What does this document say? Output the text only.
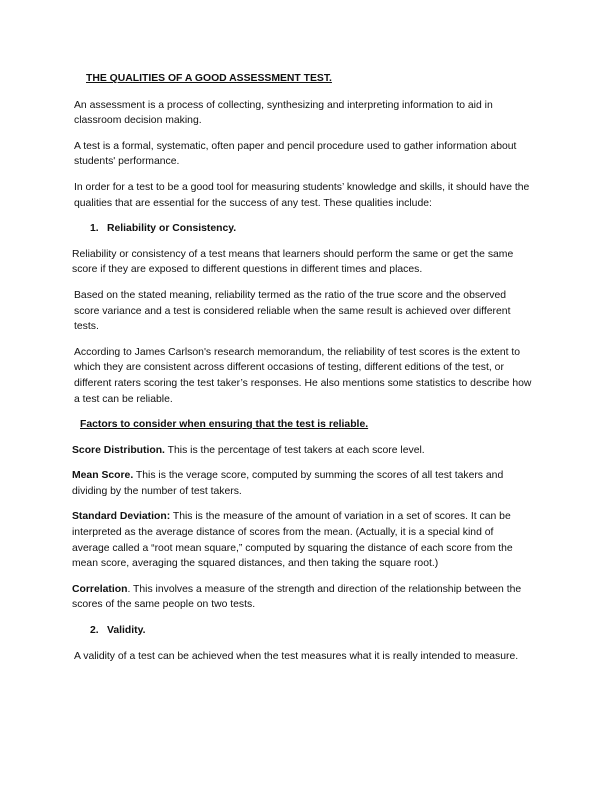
THE QUALITIES OF A GOOD ASSESSMENT TEST.

An assessment is a process of collecting, synthesizing and interpreting information to aid in classroom decision making.

A test is a formal, systematic, often paper and pencil procedure used to gather information about students' performance.

In order for a test to be a good tool for measuring students’ knowledge and skills, it should have the qualities that are essential for the success of any test. These qualities include:

1. Reliability or Consistency.

Reliability or consistency of a test means that learners should perform the same or get the same score if they are exposed to different questions in different times and places.

Based on the stated meaning, reliability termed as the ratio of the true score and the observed score variance and a test is considered reliable when the same result is achieved over different tests.

According to James Carlson's research memorandum, the reliability of test scores is the extent to which they are consistent across different occasions of testing, different editions of the test, or different raters scoring the test taker’s responses. He also mentions some statistics to describe how a test can be reliable.

Factors to consider when ensuring that the test is reliable.

Score Distribution. This is the percentage of test takers at each score level.

Mean Score. This is the verage score, computed by summing the scores of all test takers and dividing by the number of test takers.

Standard Deviation: This is the measure of the amount of variation in a set of scores. It can be interpreted as the average distance of scores from the mean. (Actually, it is a special kind of average called a “root mean square,” computed by squaring the distance of each score from the mean score, averaging the squared distances, and then taking the square root.)

Correlation. This involves a measure of the strength and direction of the relationship between the scores of the same people on two tests.

2. Validity.

A validity of a test can be achieved when the test measures what it is really intended to measure.
